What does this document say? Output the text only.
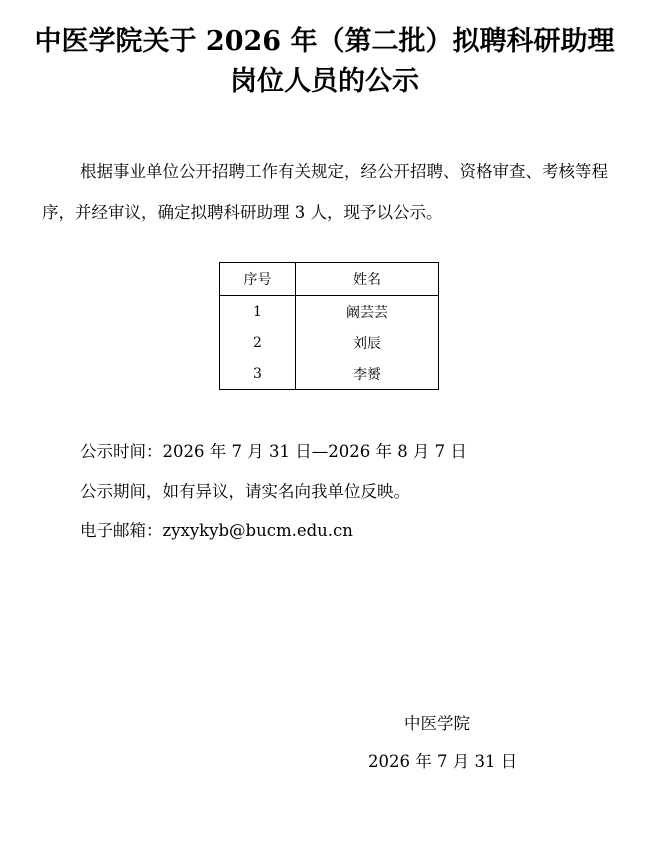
中医学院关于 2026 年（第二批）拟聘科研助理
岗位人员的公示
根据事业单位公开招聘工作有关规定，经公开招聘、资格审查、考核等程序，并经审议，确定拟聘科研助理 3 人，现予以公示。
序号	姓名
1	阚芸芸
2	刘辰
3	李赟
公示时间：2026 年 7 月 31 日—2026 年 8 月 7 日
公示期间，如有异议，请实名向我单位反映。
电子邮箱：zyxykyb@bucm.edu.cn
中医学院
2026 年 7 月 31 日
